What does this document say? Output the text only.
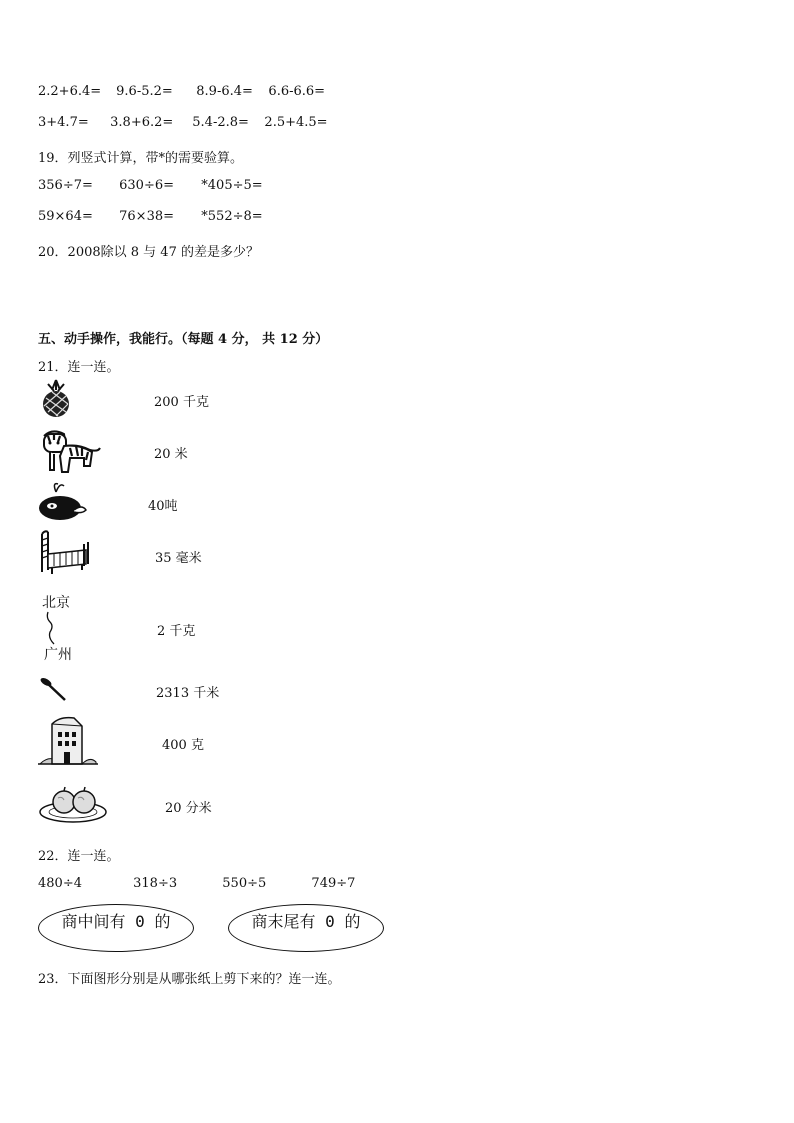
2.2+6.4= 9.6-5.2= 8.9-6.4= 6.6-6.6=
3+4.7= 3.8+6.2= 5.4-2.8= 2.5+4.5=
19．列竖式计算，带*的需要验算。
356÷7= 630÷6= *405÷5=
59×64= 76×38= *552÷8=
20．2008除以 8 与 47 的差是多少？
五、动手操作，我能行。（每题 4 分， 共 12 分）
21．连一连。
北京
广州
200 千克
20 米
40吨
35 毫米
2 千克
2313 千米
400 克
20 分米
22．连一连。
480÷4	318÷3	550÷5	749÷7
商中间有 0 的	商末尾有 0 的
23．下面图形分别是从哪张纸上剪下来的？连一连。
